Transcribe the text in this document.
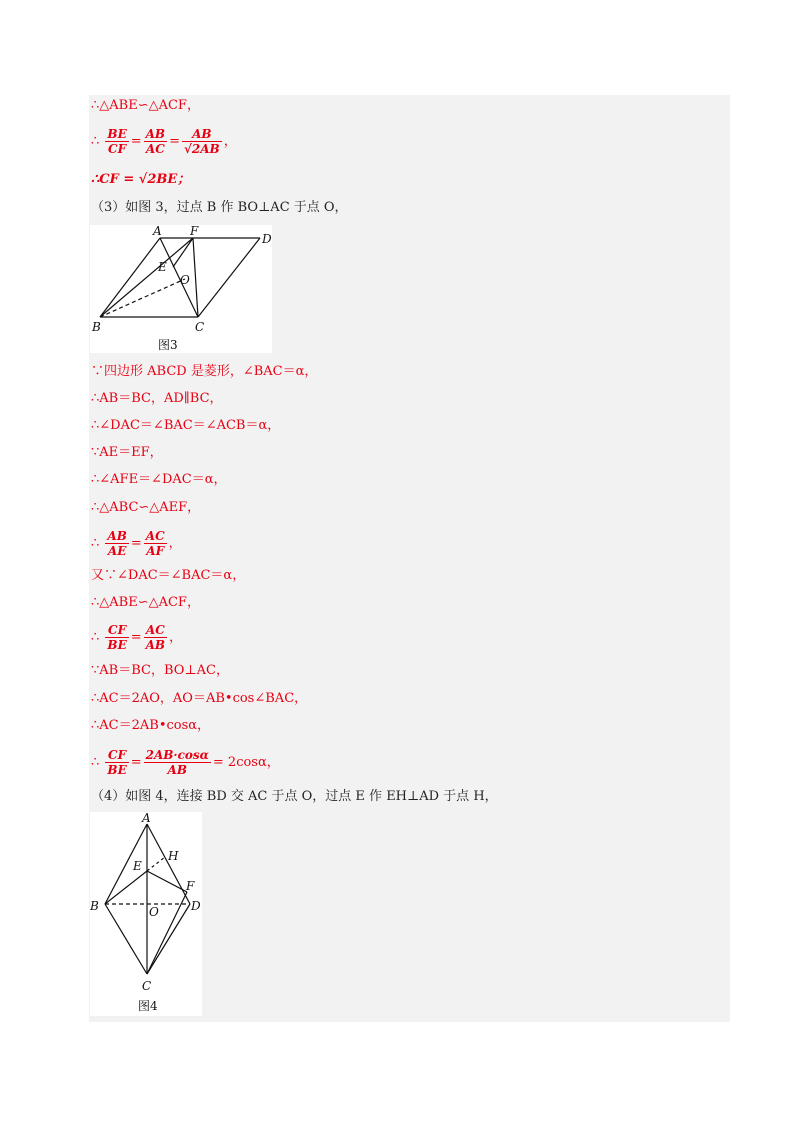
∴△ABE∽△ACF，
∴ $\frac{BE}{CF} = \frac{AB}{AC} = \frac{AB}{√2AB}$ ，
∴CF = √2BE；
（3）如图 3，过点 B 作 BO⊥AC 于点 O，
A F
D
E
O
B	C
图3
∵四边形 ABCD 是菱形，∠BAC＝α，
∴AB＝BC，AD∥BC，
∴∠DAC＝∠BAC＝∠ACB＝α，
∵AE＝EF，
∴∠AFE＝∠DAC＝α，
∴△ABC∽△AEF，
∴ $\frac{AB}{AE} = \frac{AC}{AF}$ ，
又∵∠DAC＝∠BAC＝α，
∴△ABE∽△ACF，
∴ $\frac{CF}{BE} = \frac{AC}{AB}$ ，
∵AB＝BC，BO⊥AC，
∴AC＝2AO，AO＝AB•cos∠BAC，
∴AC＝2AB•cosα，
∴ $\frac{CF}{BE} = \frac{2AB\cdot\cos\alpha}{AB} = 2\cos\alpha$，
（4）如图 4，连接 BD 交 AC 于点 O，过点 E 作 EH⊥AD 于点 H，
A
E
H
F
B	O	D
C
图4
